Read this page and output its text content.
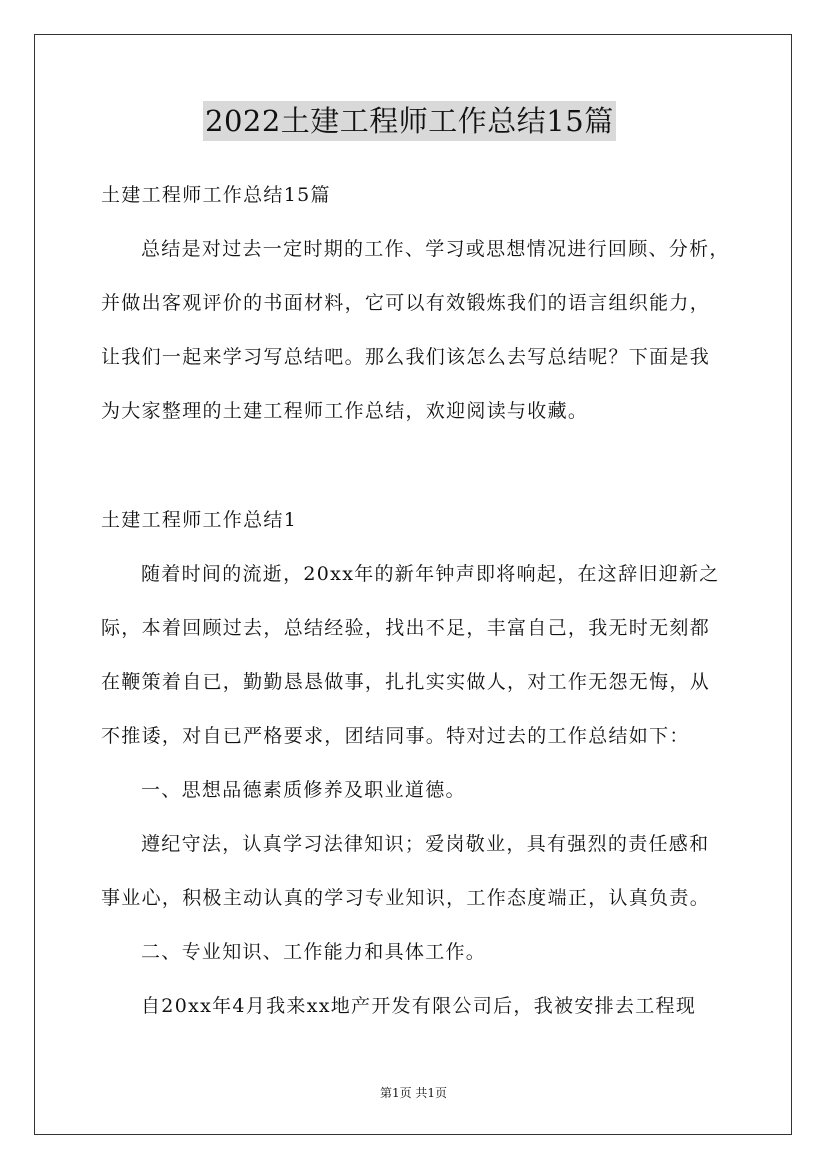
2022土建工程师工作总结15篇
土建工程师工作总结15篇
总结是对过去一定时期的工作、学习或思想情况进行回顾、分析，
并做出客观评价的书面材料，它可以有效锻炼我们的语言组织能力，
让我们一起来学习写总结吧。那么我们该怎么去写总结呢？下面是我
为大家整理的土建工程师工作总结，欢迎阅读与收藏。
土建工程师工作总结1
随着时间的流逝，20xx年的新年钟声即将响起，在这辞旧迎新之
际，本着回顾过去，总结经验，找出不足，丰富自己，我无时无刻都
在鞭策着自已，勤勤恳恳做事，扎扎实实做人，对工作无怨无悔，从
不推诿，对自已严格要求，团结同事。特对过去的工作总结如下：
一、思想品德素质修养及职业道德。
遵纪守法，认真学习法律知识；爱岗敬业，具有强烈的责任感和
事业心，积极主动认真的学习专业知识，工作态度端正，认真负责。
二、专业知识、工作能力和具体工作。
自20xx年4月我来xx地产开发有限公司后，我被安排去工程现
第1页 共1页
